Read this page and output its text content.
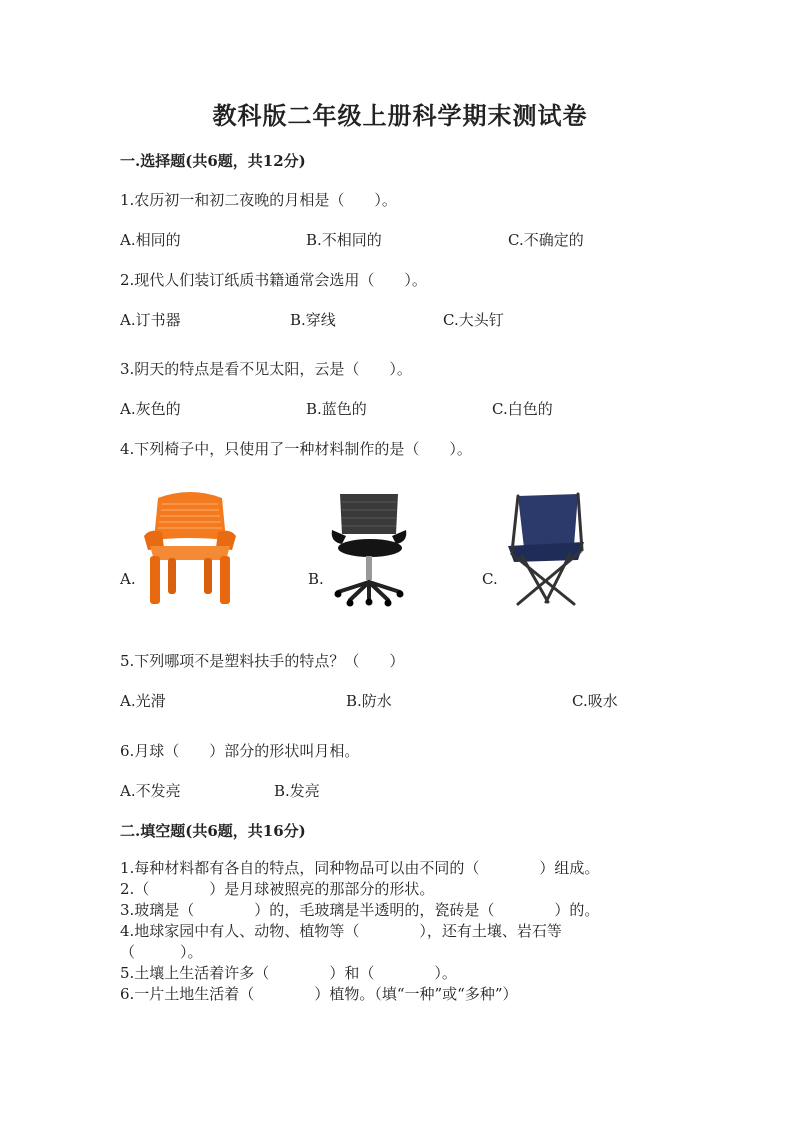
教科版二年级上册科学期末测试卷
一.选择题(共6题，共12分)
1.农历初一和初二夜晚的月相是（　　）。
A.相同的	B.不相同的	C.不确定的
2.现代人们装订纸质书籍通常会选用（　　）。
A.订书器	B.穿线	C.大头钉
3.阴天的特点是看不见太阳，云是（　　）。
A.灰色的	B.蓝色的	C.白色的
4.下列椅子中，只使用了一种材料制作的是（　　）。
A.	B.	C.
5.下列哪项不是塑料扶手的特点？（　　）
A.光滑	B.防水	C.吸水
6.月球（　　）部分的形状叫月相。
A.不发亮	B.发亮
二.填空题(共6题，共16分)
1.每种材料都有各自的特点，同种物品可以由不同的（　　　　）组成。
2.（　　　　）是月球被照亮的那部分的形状。
3.玻璃是（　　　　）的，毛玻璃是半透明的，瓷砖是（　　　　）的。
4.地球家园中有人、动物、植物等（　　　　），还有土壤、岩石等
（　　　）。
5.土壤上生活着许多（　　　　）和（　　　　）。
6.一片土地生活着（　　　　）植物。（填“一种”或“多种”）
